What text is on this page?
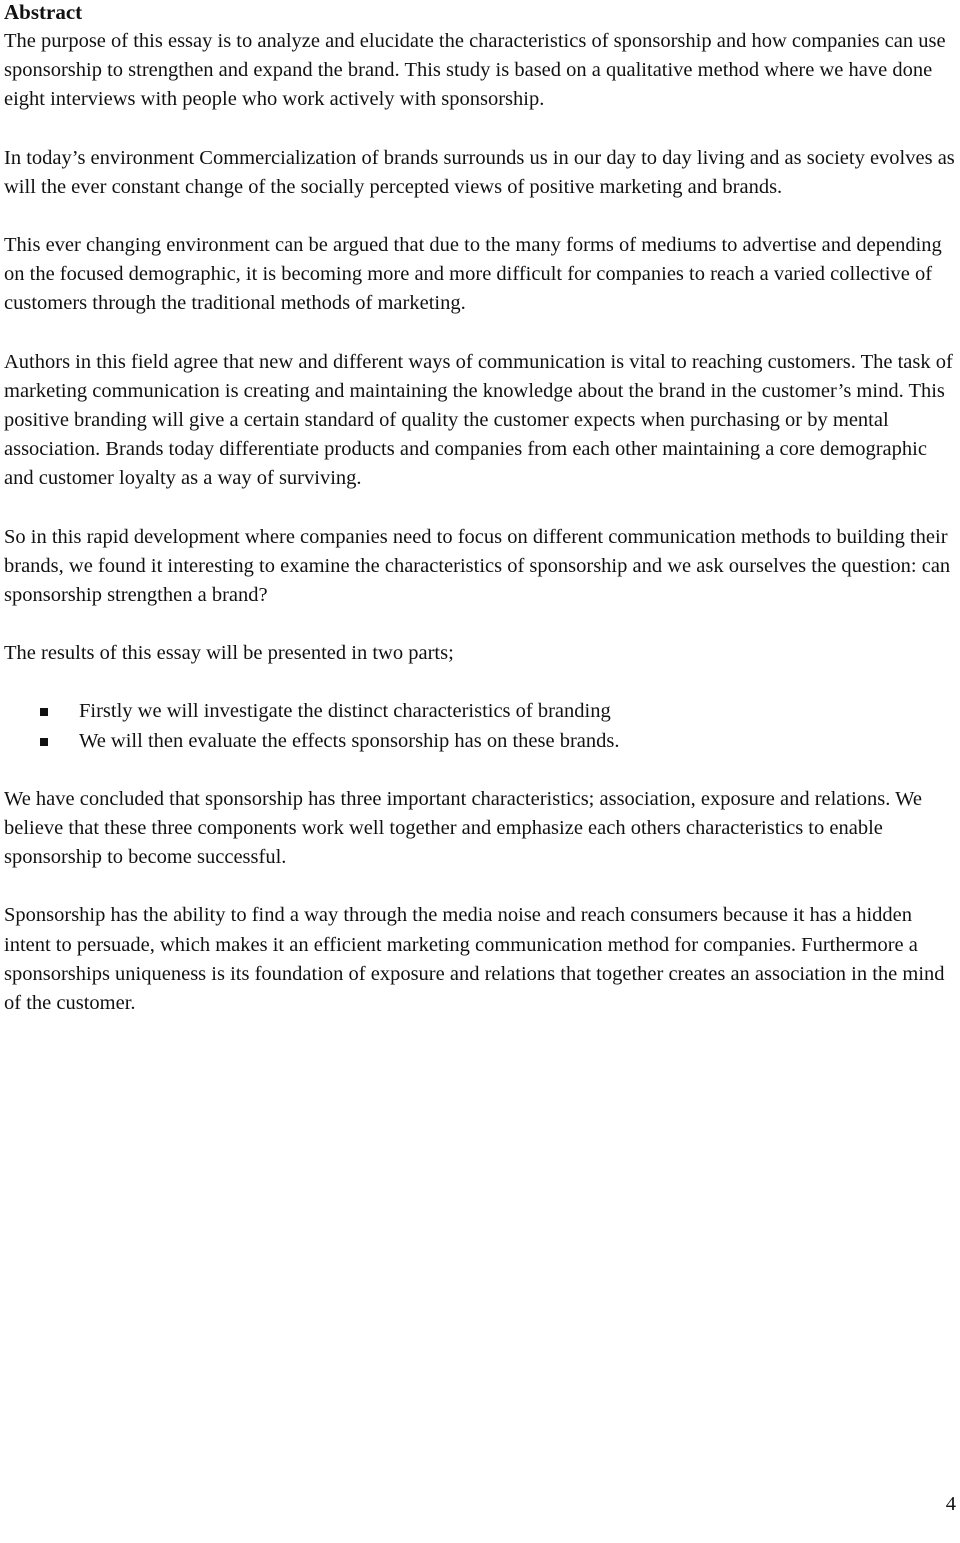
Abstract

The purpose of this essay is to analyze and elucidate the characteristics of sponsorship and how companies can use sponsorship to strengthen and expand the brand. This study is based on a qualitative method where we have done eight interviews with people who work actively with sponsorship.

In today’s environment Commercialization of brands surrounds us in our day to day living and as society evolves as will the ever constant change of the socially percepted views of positive marketing and brands.

This ever changing environment can be argued that due to the many forms of mediums to advertise and depending on the focused demographic, it is becoming more and more difficult for companies to reach a varied collective of customers through the traditional methods of marketing.

Authors in this field agree that new and different ways of communication is vital to reaching customers. The task of marketing communication is creating and maintaining the knowledge about the brand in the customer’s mind. This positive branding will give a certain standard of quality the customer expects when purchasing or by mental association. Brands today differentiate products and companies from each other maintaining a core demographic and customer loyalty as a way of surviving.

So in this rapid development where companies need to focus on different communication methods to building their brands, we found it interesting to examine the characteristics of sponsorship and we ask ourselves the question: can sponsorship strengthen a brand?

The results of this essay will be presented in two parts;

Firstly we will investigate the distinct characteristics of branding
We will then evaluate the effects sponsorship has on these brands.

We have concluded that sponsorship has three important characteristics; association, exposure and relations. We believe that these three components work well together and emphasize each others characteristics to enable sponsorship to become successful.

Sponsorship has the ability to find a way through the media noise and reach consumers because it has a hidden intent to persuade, which makes it an efficient marketing communication method for companies. Furthermore a sponsorships uniqueness is its foundation of exposure and relations that together creates an association in the mind of the customer.

4
